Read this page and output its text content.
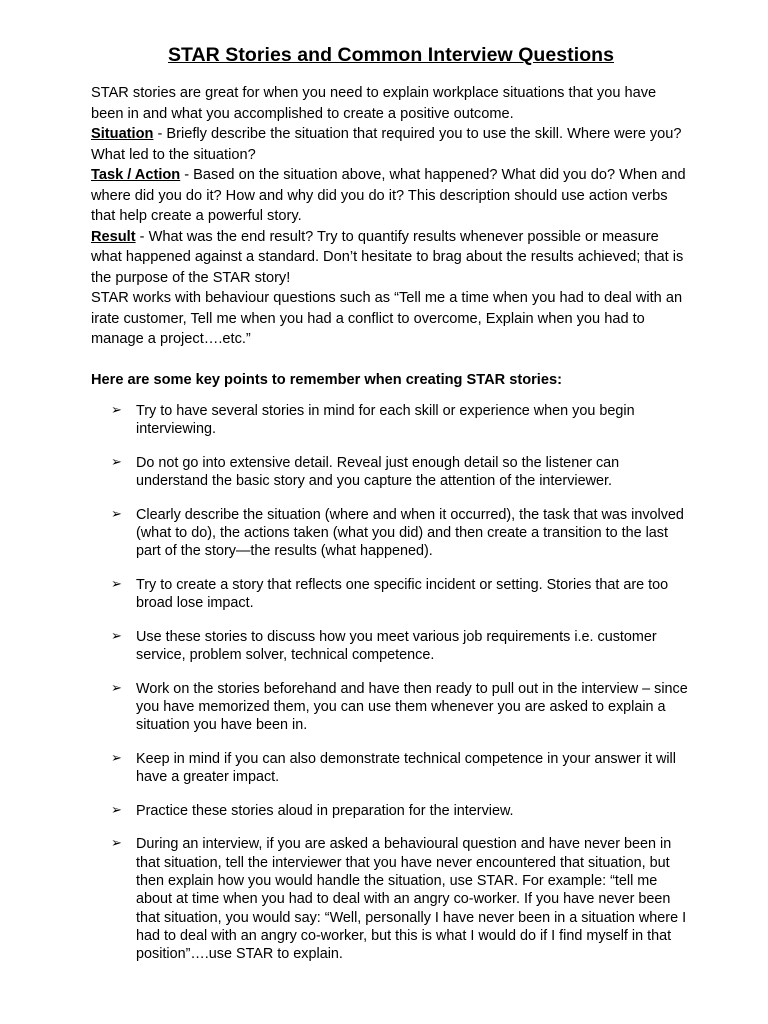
STAR Stories and Common Interview Questions

STAR stories are great for when you need to explain workplace situations that you have been in and what you accomplished to create a positive outcome.

Situation - Briefly describe the situation that required you to use the skill. Where were you? What led to the situation?

Task / Action - Based on the situation above, what happened? What did you do? When and where did you do it? How and why did you do it? This description should use action verbs that help create a powerful story.

Result - What was the end result? Try to quantify results whenever possible or measure what happened against a standard. Don’t hesitate to brag about the results achieved; that is the purpose of the STAR story!

STAR works with behaviour questions such as “Tell me a time when you had to deal with an irate customer, Tell me when you had a conflict to overcome, Explain when you had to manage a project….etc.”

Here are some key points to remember when creating STAR stories:

➢ Try to have several stories in mind for each skill or experience when you begin interviewing.
➢ Do not go into extensive detail. Reveal just enough detail so the listener can understand the basic story and you capture the attention of the interviewer.
➢ Clearly describe the situation (where and when it occurred), the task that was involved (what to do), the actions taken (what you did) and then create a transition to the last part of the story—the results (what happened).
➢ Try to create a story that reflects one specific incident or setting. Stories that are too broad lose impact.
➢ Use these stories to discuss how you meet various job requirements i.e. customer service, problem solver, technical competence.
➢ Work on the stories beforehand and have then ready to pull out in the interview – since you have memorized them, you can use them whenever you are asked to explain a situation you have been in.
➢ Keep in mind if you can also demonstrate technical competence in your answer it will have a greater impact.
➢ Practice these stories aloud in preparation for the interview.
➢ During an interview, if you are asked a behavioural question and have never been in that situation, tell the interviewer that you have never encountered that situation, but then explain how you would handle the situation, use STAR. For example: “tell me about at time when you had to deal with an angry co-worker. If you have never been that situation, you would say: “Well, personally I have never been in a situation where I had to deal with an angry co-worker, but this is what I would do if I find myself in that position”….use STAR to explain.
